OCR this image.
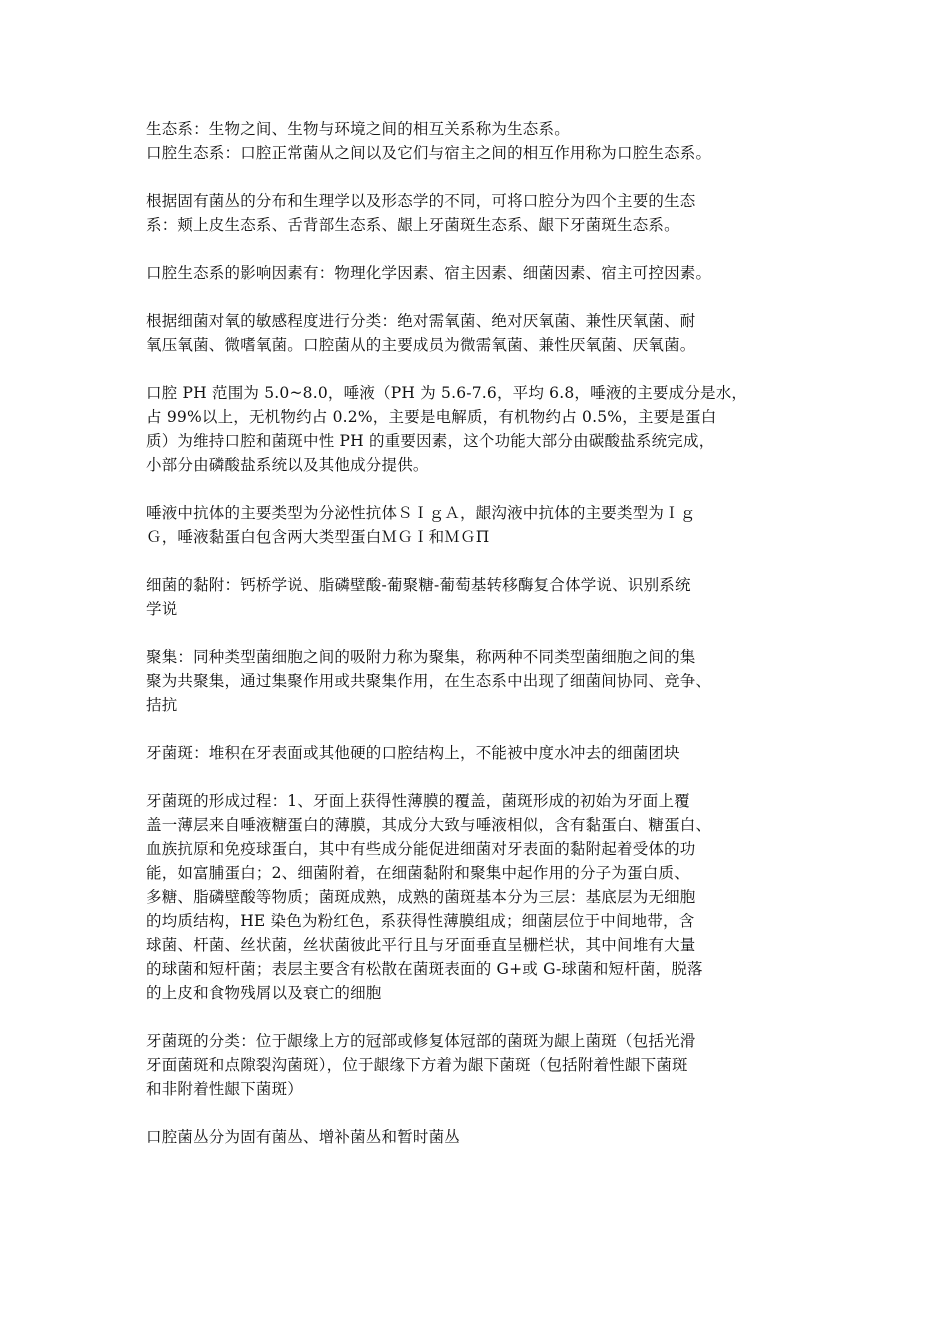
生态系：生物之间、生物与环境之间的相互关系称为生态系。
口腔生态系：口腔正常菌从之间以及它们与宿主之间的相互作用称为口腔生态系。

根据固有菌丛的分布和生理学以及形态学的不同，可将口腔分为四个主要的生态
系：颊上皮生态系、舌背部生态系、龈上牙菌斑生态系、龈下牙菌斑生态系。

口腔生态系的影响因素有：物理化学因素、宿主因素、细菌因素、宿主可控因素。

根据细菌对氧的敏感程度进行分类：绝对需氧菌、绝对厌氧菌、兼性厌氧菌、耐
氧压氧菌、微嗜氧菌。口腔菌从的主要成员为微需氧菌、兼性厌氧菌、厌氧菌。

口腔 PH 范围为 5.0~8.0，唾液（PH 为 5.6-7.6，平均 6.8，唾液的主要成分是水，
占 99%以上，无机物约占 0.2%，主要是电解质，有机物约占 0.5%，主要是蛋白
质）为维持口腔和菌斑中性 PH 的重要因素，这个功能大部分由碳酸盐系统完成，
小部分由磷酸盐系统以及其他成分提供。

唾液中抗体的主要类型为分泌性抗体ＳＩｇＡ，龈沟液中抗体的主要类型为Ｉｇ
Ｇ，唾液黏蛋白包含两大类型蛋白ＭＧＩ和ＭＧΠ

细菌的黏附：钙桥学说、脂磷壁酸-葡聚糖-葡萄基转移酶复合体学说、识别系统
学说

聚集：同种类型菌细胞之间的吸附力称为聚集，称两种不同类型菌细胞之间的集
聚为共聚集，通过集聚作用或共聚集作用，在生态系中出现了细菌间协同、竞争、
拮抗

牙菌斑：堆积在牙表面或其他硬的口腔结构上，不能被中度水冲去的细菌团块

牙菌斑的形成过程：1、牙面上获得性薄膜的覆盖，菌斑形成的初始为牙面上覆
盖一薄层来自唾液糖蛋白的薄膜，其成分大致与唾液相似，含有黏蛋白、糖蛋白、
血族抗原和免疫球蛋白，其中有些成分能促进细菌对牙表面的黏附起着受体的功
能，如富脯蛋白；2、细菌附着，在细菌黏附和聚集中起作用的分子为蛋白质、
多糖、脂磷壁酸等物质；菌斑成熟，成熟的菌斑基本分为三层：基底层为无细胞
的均质结构，HE 染色为粉红色，系获得性薄膜组成；细菌层位于中间地带，含
球菌、杆菌、丝状菌，丝状菌彼此平行且与牙面垂直呈栅栏状，其中间堆有大量
的球菌和短杆菌；表层主要含有松散在菌斑表面的 G+或 G-球菌和短杆菌，脱落
的上皮和食物残屑以及衰亡的细胞

牙菌斑的分类：位于龈缘上方的冠部或修复体冠部的菌斑为龈上菌斑（包括光滑
牙面菌斑和点隙裂沟菌斑），位于龈缘下方着为龈下菌斑（包括附着性龈下菌斑
和非附着性龈下菌斑）

口腔菌丛分为固有菌丛、增补菌丛和暂时菌丛
